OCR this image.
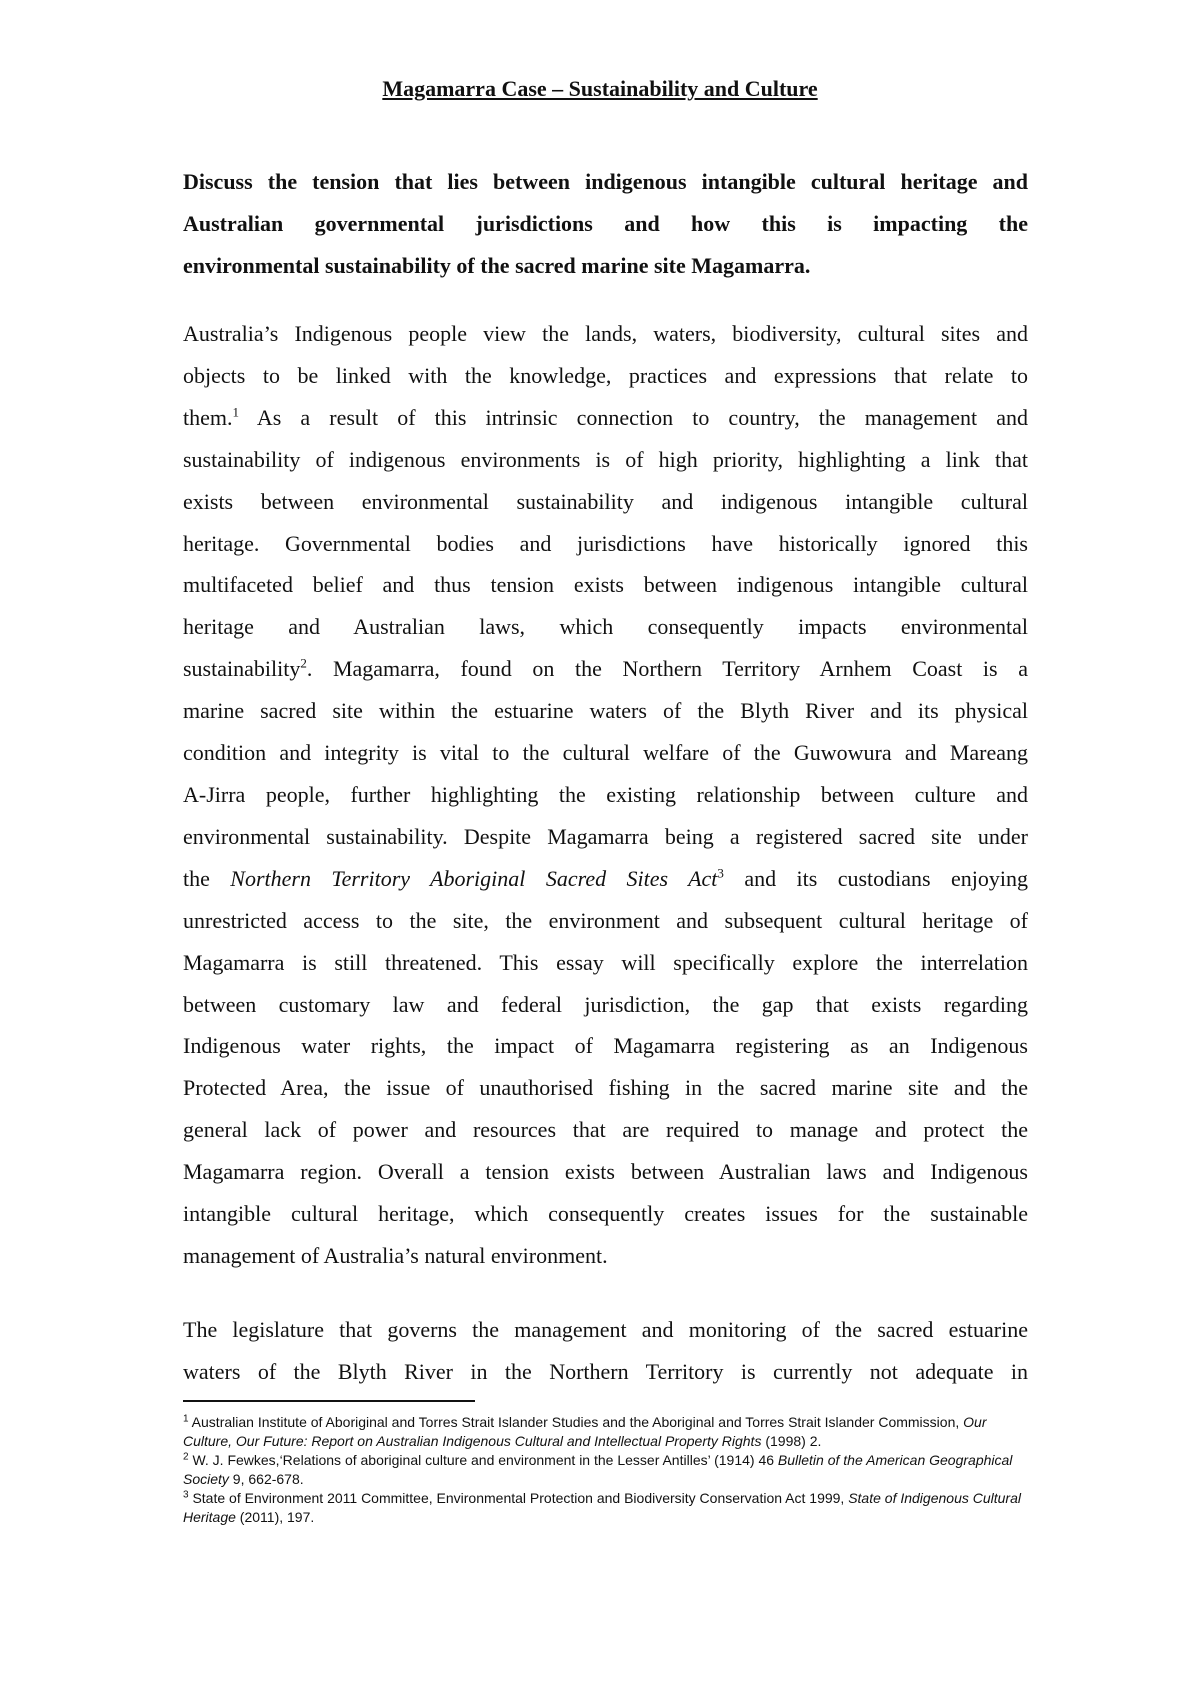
Magamarra Case – Sustainability and Culture
Discuss the tension that lies between indigenous intangible cultural heritage and
Australian governmental jurisdictions and how this is impacting the
environmental sustainability of the sacred marine site Magamarra.
Australia’s Indigenous people view the lands, waters, biodiversity, cultural sites and
objects to be linked with the knowledge, practices and expressions that relate to
them.$^1$ As a result of this intrinsic connection to country, the management and
sustainability of indigenous environments is of high priority, highlighting a link that
exists between environmental sustainability and indigenous intangible cultural
heritage. Governmental bodies and jurisdictions have historically ignored this
multifaceted belief and thus tension exists between indigenous intangible cultural
heritage and Australian laws, which consequently impacts environmental
sustainability$^2$. Magamarra, found on the Northern Territory Arnhem Coast is a
marine sacred site within the estuarine waters of the Blyth River and its physical
condition and integrity is vital to the cultural welfare of the Guwowura and Mareang
A-Jirra people, further highlighting the existing relationship between culture and
environmental sustainability. Despite Magamarra being a registered sacred site under
the Northern Territory Aboriginal Sacred Sites Act$^3$ and its custodians enjoying
unrestricted access to the site, the environment and subsequent cultural heritage of
Magamarra is still threatened. This essay will specifically explore the interrelation
between customary law and federal jurisdiction, the gap that exists regarding
Indigenous water rights, the impact of Magamarra registering as an Indigenous
Protected Area, the issue of unauthorised fishing in the sacred marine site and the
general lack of power and resources that are required to manage and protect the
Magamarra region. Overall a tension exists between Australian laws and Indigenous
intangible cultural heritage, which consequently creates issues for the sustainable
management of Australia’s natural environment.
The legislature that governs the management and monitoring of the sacred estuarine
waters of the Blyth River in the Northern Territory is currently not adequate in
$^1$ Australian Institute of Aboriginal and Torres Strait Islander Studies and the Aboriginal and Torres Strait Islander Commission, Our Culture, Our Future: Report on Australian Indigenous Cultural and Intellectual Property Rights (1998) 2.
$^2$ W. J. Fewkes,‘Relations of aboriginal culture and environment in the Lesser Antilles’ (1914) 46 Bulletin of the American Geographical Society 9, 662-678.
$^3$ State of Environment 2011 Committee, Environmental Protection and Biodiversity Conservation Act 1999, State of Indigenous Cultural Heritage (2011), 197.
